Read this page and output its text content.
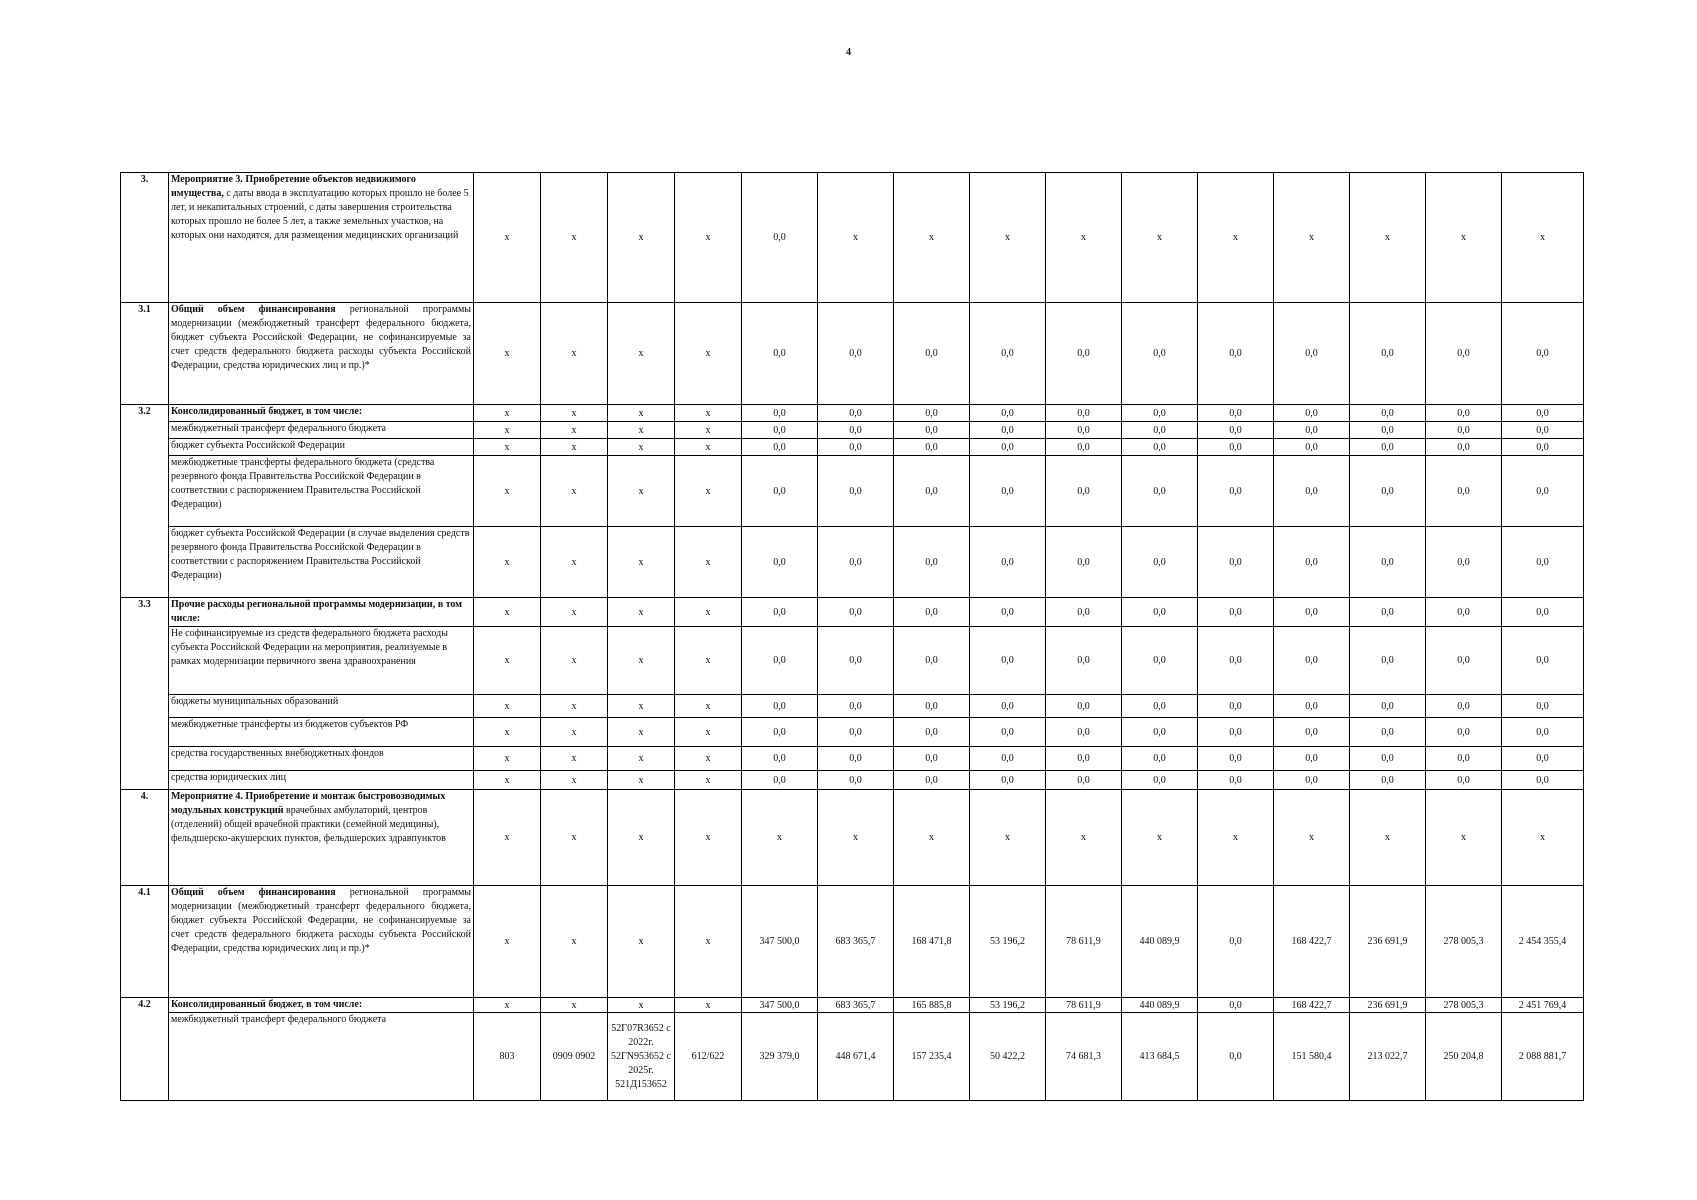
4
3.	Мероприятие 3. Приобретение объектов недвижимого имущества, с даты ввода в эксплуатацию которых прошло не более 5 лет, и некапитальных строений, с даты завершения строительства которых прошло не более 5 лет, а также земельных участков, на которых они находятся, для размещения медицинских организаций	x	x	x	x	0,0	x	x	x	x	x	x	x	x	x	x
3.1	Общий объем финансирования региональной программы модернизации (межбюджетный трансферт федерального бюджета, бюджет субъекта Российской Федерации, не софинансируемые за счет средств федерального бюджета расходы субъекта Российской Федерации, средства юридических лиц и пр.)*	x	x	x	x	0,0	0,0	0,0	0,0	0,0	0,0	0,0	0,0	0,0	0,0	0,0
3.2	Консолидированный бюджет, в том числе:	x	x	x	x	0,0	0,0	0,0	0,0	0,0	0,0	0,0	0,0	0,0	0,0	0,0
	межбюджетный трансферт федерального бюджета	x	x	x	x	0,0	0,0	0,0	0,0	0,0	0,0	0,0	0,0	0,0	0,0	0,0
	бюджет субъекта Российской Федерации	x	x	x	x	0,0	0,0	0,0	0,0	0,0	0,0	0,0	0,0	0,0	0,0	0,0
	межбюджетные трансферты федерального бюджета (средства резервного фонда Правительства Российской Федерации в соответствии с распоряжением Правительства Российской Федерации)	x	x	x	x	0,0	0,0	0,0	0,0	0,0	0,0	0,0	0,0	0,0	0,0	0,0
	бюджет субъекта Российской Федерации (в случае выделения средств резервного фонда Правительства Российской Федерации в соответствии с распоряжением Правительства Российской Федерации)	x	x	x	x	0,0	0,0	0,0	0,0	0,0	0,0	0,0	0,0	0,0	0,0	0,0
3.3	Прочие расходы региональной программы модернизации, в том числе:	x	x	x	x	0,0	0,0	0,0	0,0	0,0	0,0	0,0	0,0	0,0	0,0	0,0
	Не софинансируемые из средств федерального бюджета расходы субъекта Российской Федерации на мероприятия, реализуемые в рамках модернизации первичного звена здравоохранения	x	x	x	x	0,0	0,0	0,0	0,0	0,0	0,0	0,0	0,0	0,0	0,0	0,0
	бюджеты муниципальных образований	x	x	x	x	0,0	0,0	0,0	0,0	0,0	0,0	0,0	0,0	0,0	0,0	0,0
	межбюджетные трансферты из бюджетов субъектов РФ	x	x	x	x	0,0	0,0	0,0	0,0	0,0	0,0	0,0	0,0	0,0	0,0	0,0
	средства государственных внебюджетных фондов	x	x	x	x	0,0	0,0	0,0	0,0	0,0	0,0	0,0	0,0	0,0	0,0	0,0
	средства юридических лиц	x	x	x	x	0,0	0,0	0,0	0,0	0,0	0,0	0,0	0,0	0,0	0,0	0,0
4.	Мероприятие 4. Приобретение и монтаж быстровозводимых модульных конструкций врачебных амбулаторий, центров (отделений) общей врачебной практики (семейной медицины), фельдшерско-акушерских пунктов, фельдшерских здравпунктов	x	x	x	x	x	x	x	x	x	x	x	x	x	x	x
4.1	Общий объем финансирования региональной программы модернизации (межбюджетный трансферт федерального бюджета, бюджет субъекта Российской Федерации, не софинансируемые за счет средств федерального бюджета расходы субъекта Российской Федерации, средства юридических лиц и пр.)*	x	x	x	x	347 500,0	683 365,7	168 471,8	53 196,2	78 611,9	440 089,9	0,0	168 422,7	236 691,9	278 005,3	2 454 355,4
4.2	Консолидированный бюджет, в том числе:	x	x	x	x	347 500,0	683 365,7	165 885,8	53 196,2	78 611,9	440 089,9	0,0	168 422,7	236 691,9	278 005,3	2 451 769,4
	межбюджетный трансферт федерального бюджета	803	0909 0902	52Г07R3652 с 2022г. 52ГN953652 с 2025г. 521Д153652	612/622	329 379,0	448 671,4	157 235,4	50 422,2	74 681,3	413 684,5	0,0	151 580,4	213 022,7	250 204,8	2 088 881,7
